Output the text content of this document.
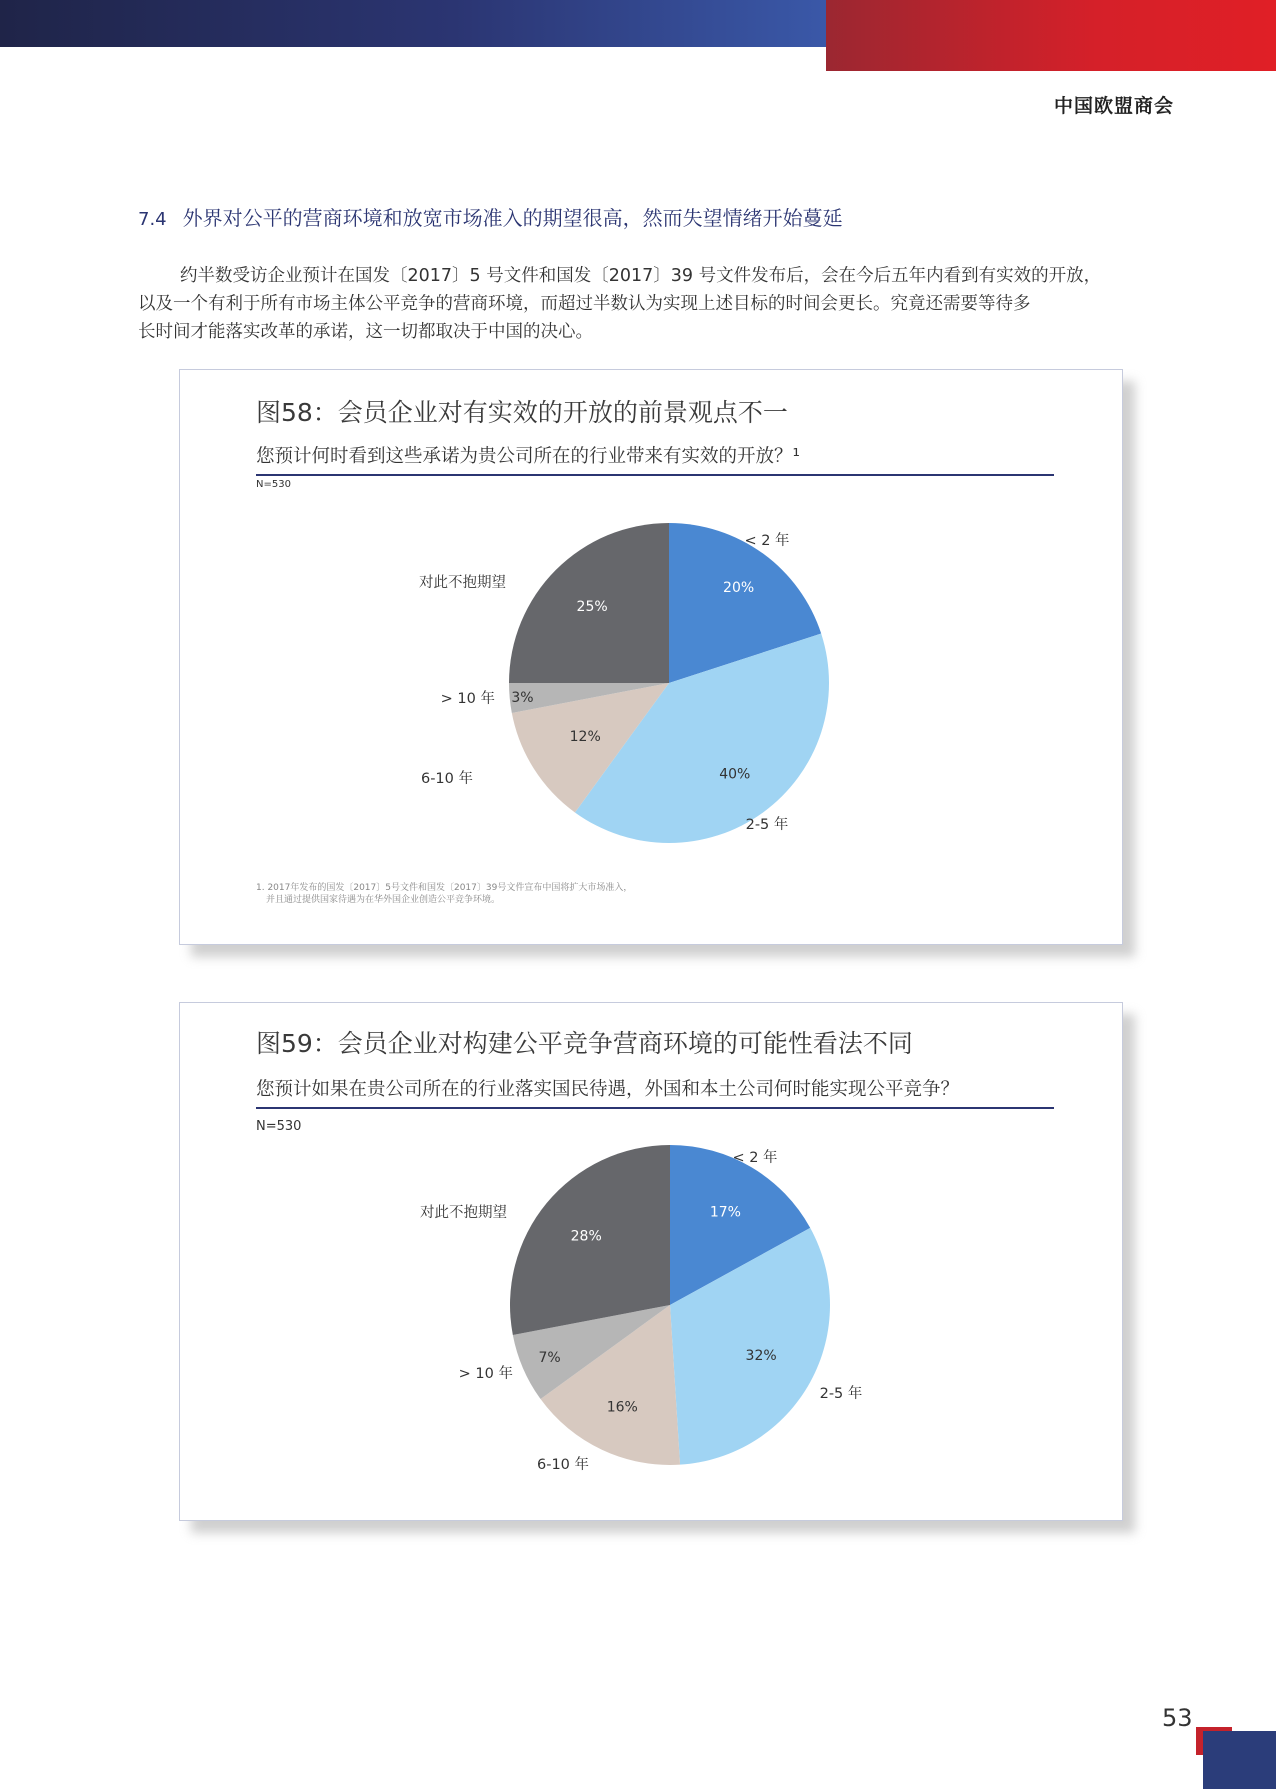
中国欧盟商会
7.4 外界对公平的营商环境和放宽市场准入的期望很高，然而失望情绪开始蔓延

约半数受访企业预计在国发〔2017〕5 号文件和国发〔2017〕39 号文件发布后，会在今后五年内看到有实效的开放，

以及一个有利于所有市场主体公平竞争的营商环境，而超过半数认为实现上述目标的时间会更长。究竟还需要等待多
长时间才能落实改革的承诺，这一切都取决于中国的决心。
图58：会员企业对有实效的开放的前景观点不一
您预计何时看到这些承诺为贵公司所在的行业带来有实效的开放？¹
N=530
20%
< 2 年
40%
2-5 年
12%
6-10 年
3%
> 10 年
25%
对此不抱期望
1. 2017年发布的国发〔2017〕5号文件和国发〔2017〕39号文件宣布中国将扩大市场准入，
并且通过提供国家待遇为在华外国企业创造公平竞争环境。
图59：会员企业对构建公平竞争营商环境的可能性看法不同
您预计如果在贵公司所在的行业落实国民待遇，外国和本土公司何时能实现公平竞争？
N=530
17%
< 2 年
32%
2-5 年
16%
6-10 年
7%
> 10 年
28%
对此不抱期望
53
